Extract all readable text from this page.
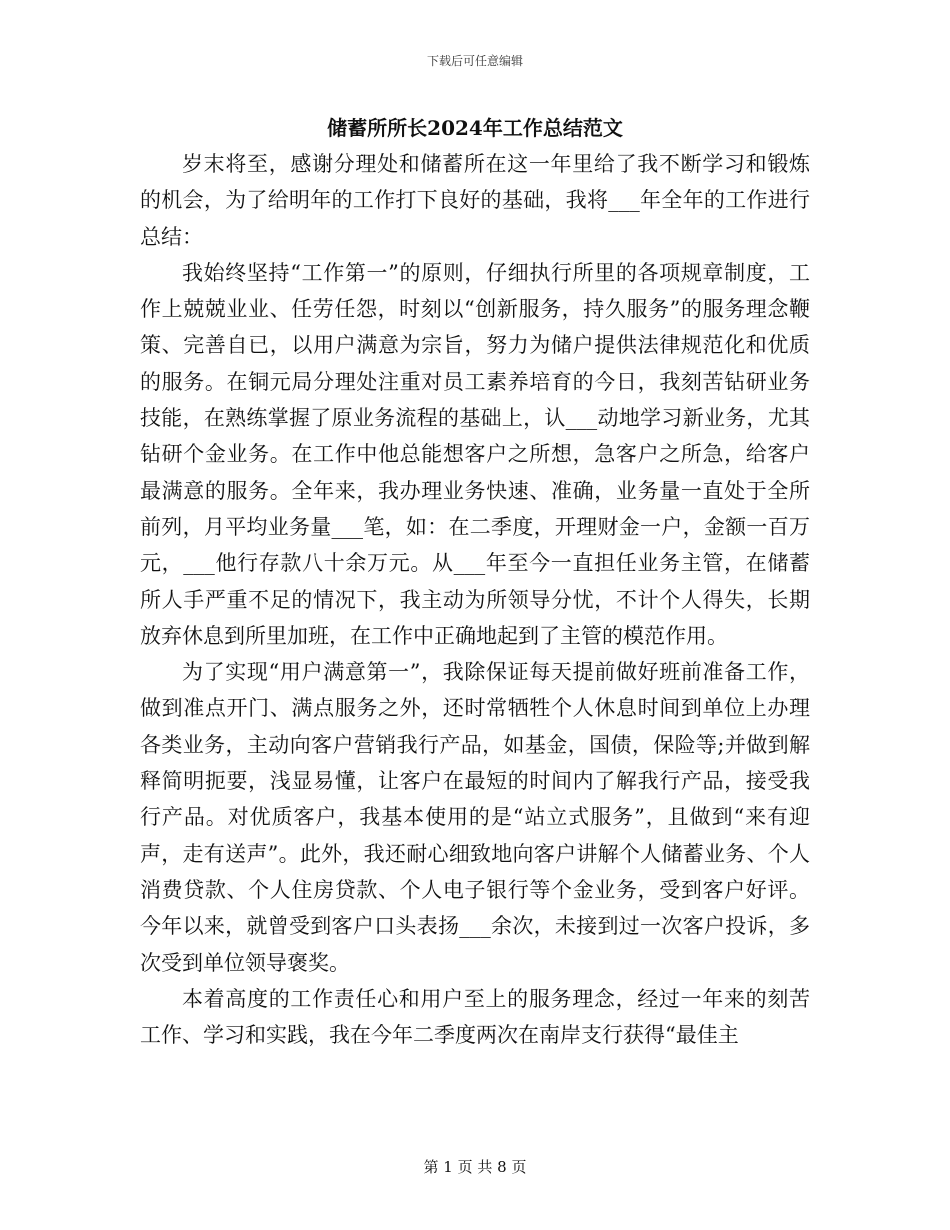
下载后可任意编辑
储蓄所所长2024年工作总结范文

岁末将至，感谢分理处和储蓄所在这一年里给了我不断学习和锻炼的机会，为了给明年的工作打下良好的基础，我将___年全年的工作进行总结：

我始终坚持“工作第一”的原则，仔细执行所里的各项规章制度，工作上兢兢业业、任劳任怨，时刻以“创新服务，持久服务”的服务理念鞭策、完善自已，以用户满意为宗旨，努力为储户提供法律规范化和优质的服务。在铜元局分理处注重对员工素养培育的今日，我刻苦钻研业务技能，在熟练掌握了原业务流程的基础上，认___动地学习新业务，尤其钻研个金业务。在工作中他总能想客户之所想，急客户之所急，给客户最满意的服务。全年来，我办理业务快速、准确，业务量一直处于全所前列，月平均业务量___笔，如：在二季度，开理财金一户，金额一百万元，___他行存款八十余万元。从___年至今一直担任业务主管，在储蓄所人手严重不足的情况下，我主动为所领导分忧，不计个人得失，长期放弃休息到所里加班，在工作中正确地起到了主管的模范作用。

为了实现“用户满意第一”，我除保证每天提前做好班前准备工作，做到准点开门、满点服务之外，还时常牺牲个人休息时间到单位上办理各类业务，主动向客户营销我行产品，如基金，国债，保险等;并做到解释简明扼要，浅显易懂，让客户在最短的时间内了解我行产品，接受我行产品。对优质客户，我基本使用的是“站立式服务”，且做到“来有迎声，走有送声”。此外，我还耐心细致地向客户讲解个人储蓄业务、个人消费贷款、个人住房贷款、个人电子银行等个金业务，受到客户好评。今年以来，就曾受到客户口头表扬___余次，未接到过一次客户投诉，多次受到单位领导褒奖。

本着高度的工作责任心和用户至上的服务理念，经过一年来的刻苦工作、学习和实践，我在今年二季度两次在南岸支行获得“最佳主

第 1 页 共 8 页
